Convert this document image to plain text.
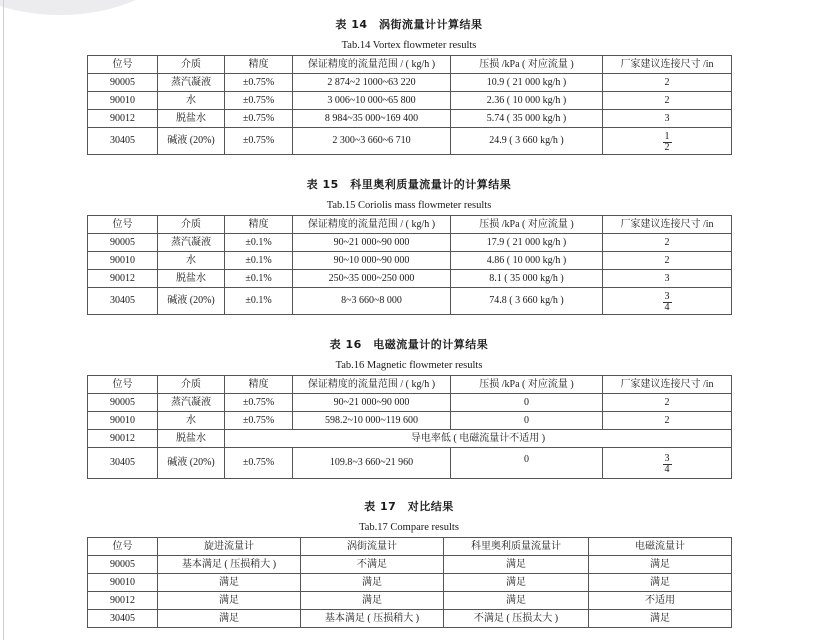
表 14　涡街流量计计算结果
Tab.14 Vortex flowmeter results
位号	介质	精度	保证精度的流量范围 / ( kg/h )	压损 /kPa ( 对应流量 )	厂家建议连接尺寸 /in
90005	蒸汽凝液	±0.75%	2 874~2 1000~63 220	10.9 ( 21 000 kg/h )	2
90010	水	±0.75%	3 006~10 000~65 800	2.36 ( 10 000 kg/h )	2
90012	脱盐水	±0.75%	8 984~35 000~169 400	5.74 ( 35 000 kg/h )	3
30405	碱液 (20%)	±0.75%	2 300~3 660~6 710	24.9 ( 3 660 kg/h )	$\frac{1}{2}$
表 15　科里奥利质量流量计的计算结果
Tab.15 Coriolis mass flowmeter results
位号	介质	精度	保证精度的流量范围 / ( kg/h )	压损 /kPa ( 对应流量 )	厂家建议连接尺寸 /in
90005	蒸汽凝液	±0.1%	90~21 000~90 000	17.9 ( 21 000 kg/h )	2
90010	水	±0.1%	90~10 000~90 000	4.86 ( 10 000 kg/h )	2
90012	脱盐水	±0.1%	250~35 000~250 000	8.1 ( 35 000 kg/h )	3
30405	碱液 (20%)	±0.1%	8~3 660~8 000	74.8 ( 3 660 kg/h )	$\frac{3}{4}$
表 16　电磁流量计的计算结果
Tab.16 Magnetic flowmeter results
位号	介质	精度	保证精度的流量范围 / ( kg/h )	压损 /kPa ( 对应流量 )	厂家建议连接尺寸 /in
90005	蒸汽凝液	±0.75%	90~21 000~90 000	0	2
90010	水	±0.75%	598.2~10 000~119 600	0	2
90012	脱盐水	导电率低 ( 电磁流量计不适用 )			
30405	碱液 (20%)	±0.75%	109.8~3 660~21 960	0	$\frac{3}{4}$
表 17　对比结果
Tab.17 Compare results
位号	旋进流量计	涡街流量计	科里奥利质量流量计	电磁流量计
90005	基本满足 ( 压损稍大 )	不满足	满足	满足
90010	满足	满足	满足	满足
90012	满足	满足	满足	不适用
30405	满足	基本满足 ( 压损稍大 )	不满足 ( 压损太大 )	满足
